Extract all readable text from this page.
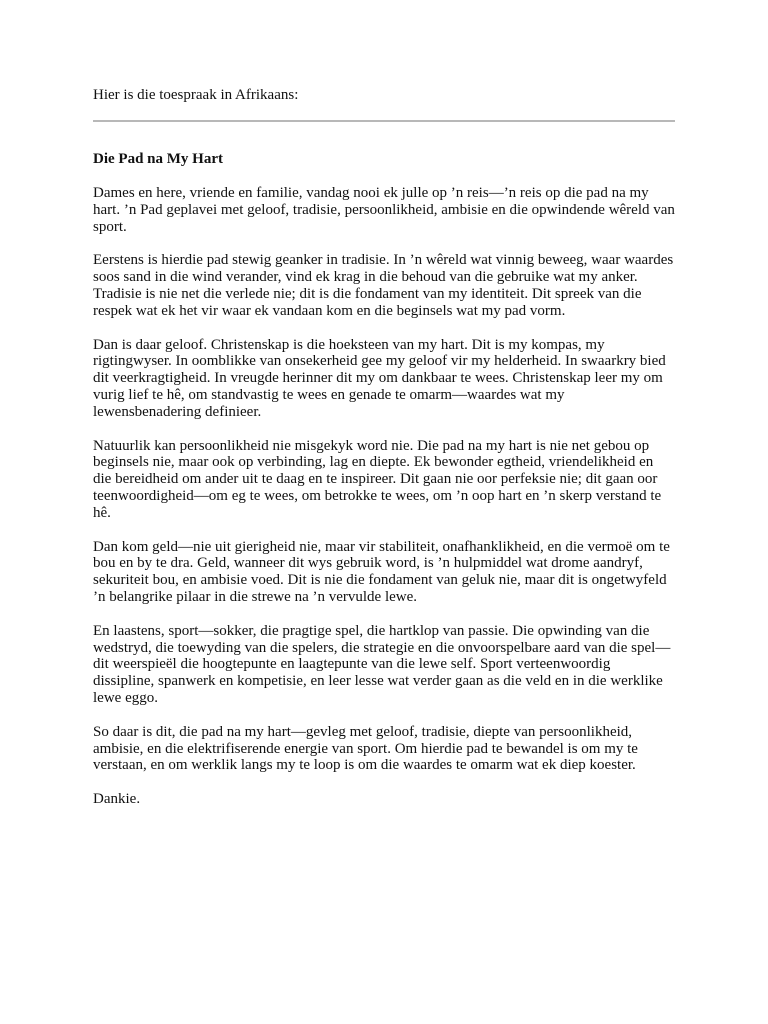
Hier is die toespraak in Afrikaans:

Die Pad na My Hart

Dames en here, vriende en familie, vandag nooi ek julle op ’n reis—’n reis op die pad na my hart. ’n Pad geplavei met geloof, tradisie, persoonlikheid, ambisie en die opwindende wêreld van sport.

Eerstens is hierdie pad stewig geanker in tradisie. In ’n wêreld wat vinnig beweeg, waar waardes soos sand in die wind verander, vind ek krag in die behoud van die gebruike wat my anker. Tradisie is nie net die verlede nie; dit is die fondament van my identiteit. Dit spreek van die respek wat ek het vir waar ek vandaan kom en die beginsels wat my pad vorm.

Dan is daar geloof. Christenskap is die hoeksteen van my hart. Dit is my kompas, my rigtingwyser. In oomblikke van onsekerheid gee my geloof vir my helderheid. In swaarkry bied dit veerkragtigheid. In vreugde herinner dit my om dankbaar te wees. Christenskap leer my om vurig lief te hê, om standvastig te wees en genade te omarm—waardes wat my lewensbenadering definieer.

Natuurlik kan persoonlikheid nie misgekyk word nie. Die pad na my hart is nie net gebou op beginsels nie, maar ook op verbinding, lag en diepte. Ek bewonder egtheid, vriendelikheid en die bereidheid om ander uit te daag en te inspireer. Dit gaan nie oor perfeksie nie; dit gaan oor teenwoordigheid—om eg te wees, om betrokke te wees, om ’n oop hart en ’n skerp verstand te hê.

Dan kom geld—nie uit gierigheid nie, maar vir stabiliteit, onafhanklikheid, en die vermoë om te bou en by te dra. Geld, wanneer dit wys gebruik word, is ’n hulpmiddel wat drome aandryf, sekuriteit bou, en ambisie voed. Dit is nie die fondament van geluk nie, maar dit is ongetwyfeld ’n belangrike pilaar in die strewe na ’n vervulde lewe.

En laastens, sport—sokker, die pragtige spel, die hartklop van passie. Die opwinding van die wedstryd, die toewyding van die spelers, die strategie en die onvoorspelbare aard van die spel—dit weerspieël die hoogtepunte en laagtepunte van die lewe self. Sport verteenwoordig dissipline, spanwerk en kompetisie, en leer lesse wat verder gaan as die veld en in die werklike lewe eggo.

So daar is dit, die pad na my hart—gevleg met geloof, tradisie, diepte van persoonlikheid, ambisie, en die elektrifiserende energie van sport. Om hierdie pad te bewandel is om my te verstaan, en om werklik langs my te loop is om die waardes te omarm wat ek diep koester.

Dankie.
